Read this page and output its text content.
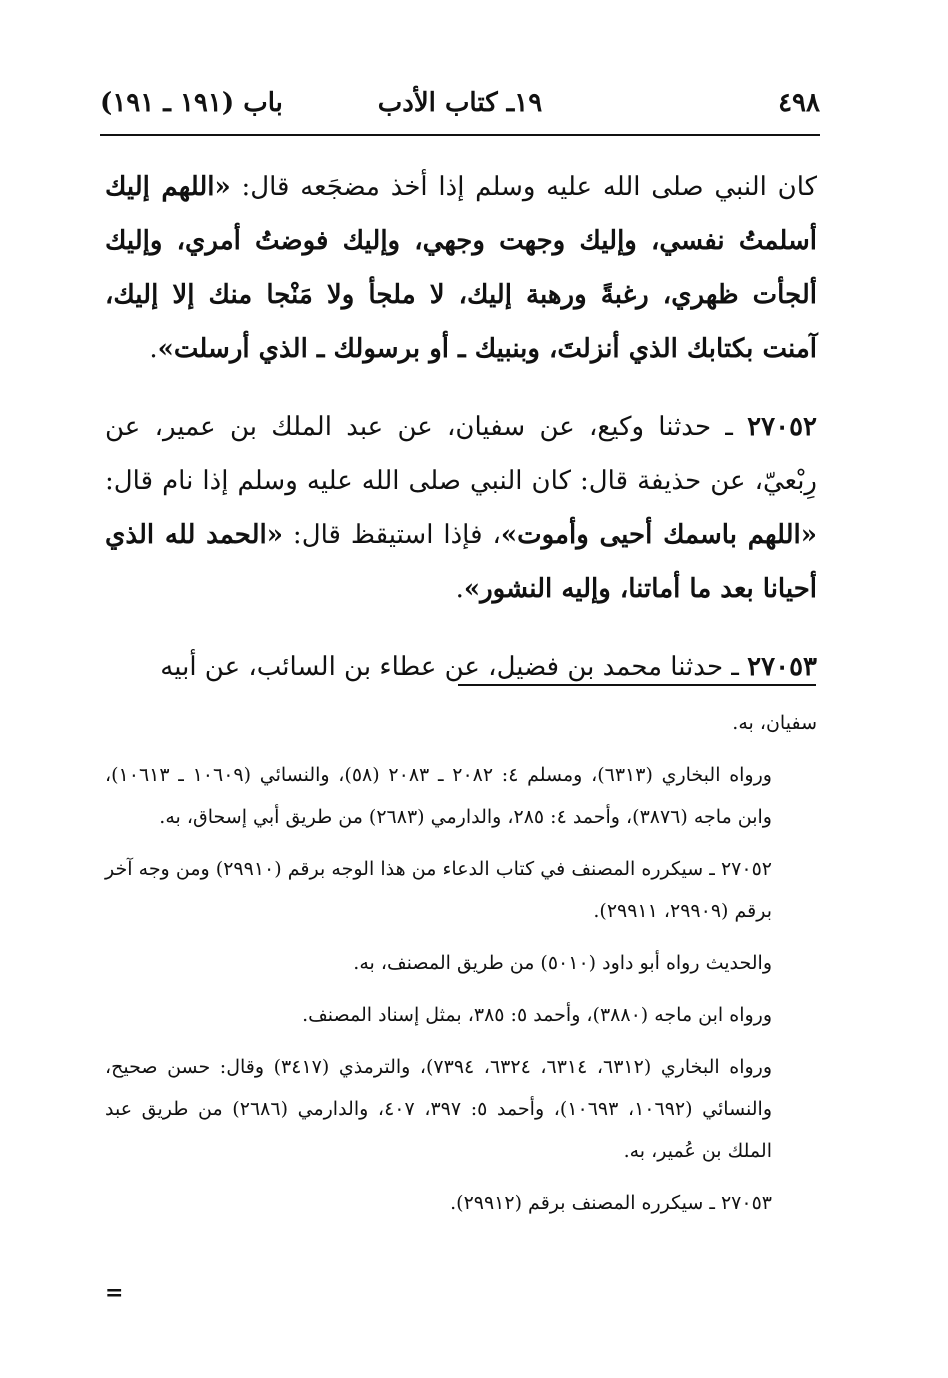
٤٩٨
١٩ـ كتاب الأدب
باب (١٩١ ـ ١٩١)

كان النبي صلى الله عليه وسلم إذا أخذ مضجَعه قال: «اللهم إليك أسلمتُ نفسي، وإليك وجهت وجهي، وإليك فوضتُ أمري، وإليك ألجأت ظهري، رغبةً ورهبة إليك، لا ملجأ ولا مَنْجا منك إلا إليك، آمنت بكتابك الذي أنزلتَ، وبنبيك ـ أو برسولك ـ الذي أرسلت».

٢٧٠٥٢ ـ حدثنا وكيع، عن سفيان، عن عبد الملك بن عمير، عن رِبْعيّ، عن حذيفة قال: كان النبي صلى الله عليه وسلم إذا نام قال: «اللهم باسمك أحيى وأموت»، فإذا استيقظ قال: «الحمد لله الذي أحيانا بعد ما أماتنا، وإليه النشور».

٢٧٠٥٣ ـ حدثنا محمد بن فضيل، عن عطاء بن السائب، عن أبيه

سفيان، به.

ورواه البخاري (٦٣١٣)، ومسلم ٤: ٢٠٨٢ ـ ٢٠٨٣ (٥٨)، والنسائي (١٠٦٠٩ ـ ١٠٦١٣)، وابن ماجه (٣٨٧٦)، وأحمد ٤: ٢٨٥، والدارمي (٢٦٨٣) من طريق أبي إسحاق، به.

٢٧٠٥٢ ـ سيكرره المصنف في كتاب الدعاء من هذا الوجه برقم (٢٩٩١٠) ومن وجه آخر برقم (٢٩٩٠٩، ٢٩٩١١).

والحديث رواه أبو داود (٥٠١٠) من طريق المصنف، به.

ورواه ابن ماجه (٣٨٨٠)، وأحمد ٥: ٣٨٥، بمثل إسناد المصنف.

ورواه البخاري (٦٣١٢، ٦٣١٤، ٦٣٢٤، ٧٣٩٤)، والترمذي (٣٤١٧) وقال: حسن صحيح، والنسائي (١٠٦٩٢، ١٠٦٩٣)، وأحمد ٥: ٣٩٧، ٤٠٧، والدارمي (٢٦٨٦) من طريق عبد الملك بن عُمير، به.

٢٧٠٥٣ ـ سيكرره المصنف برقم (٢٩٩١٢).

=
